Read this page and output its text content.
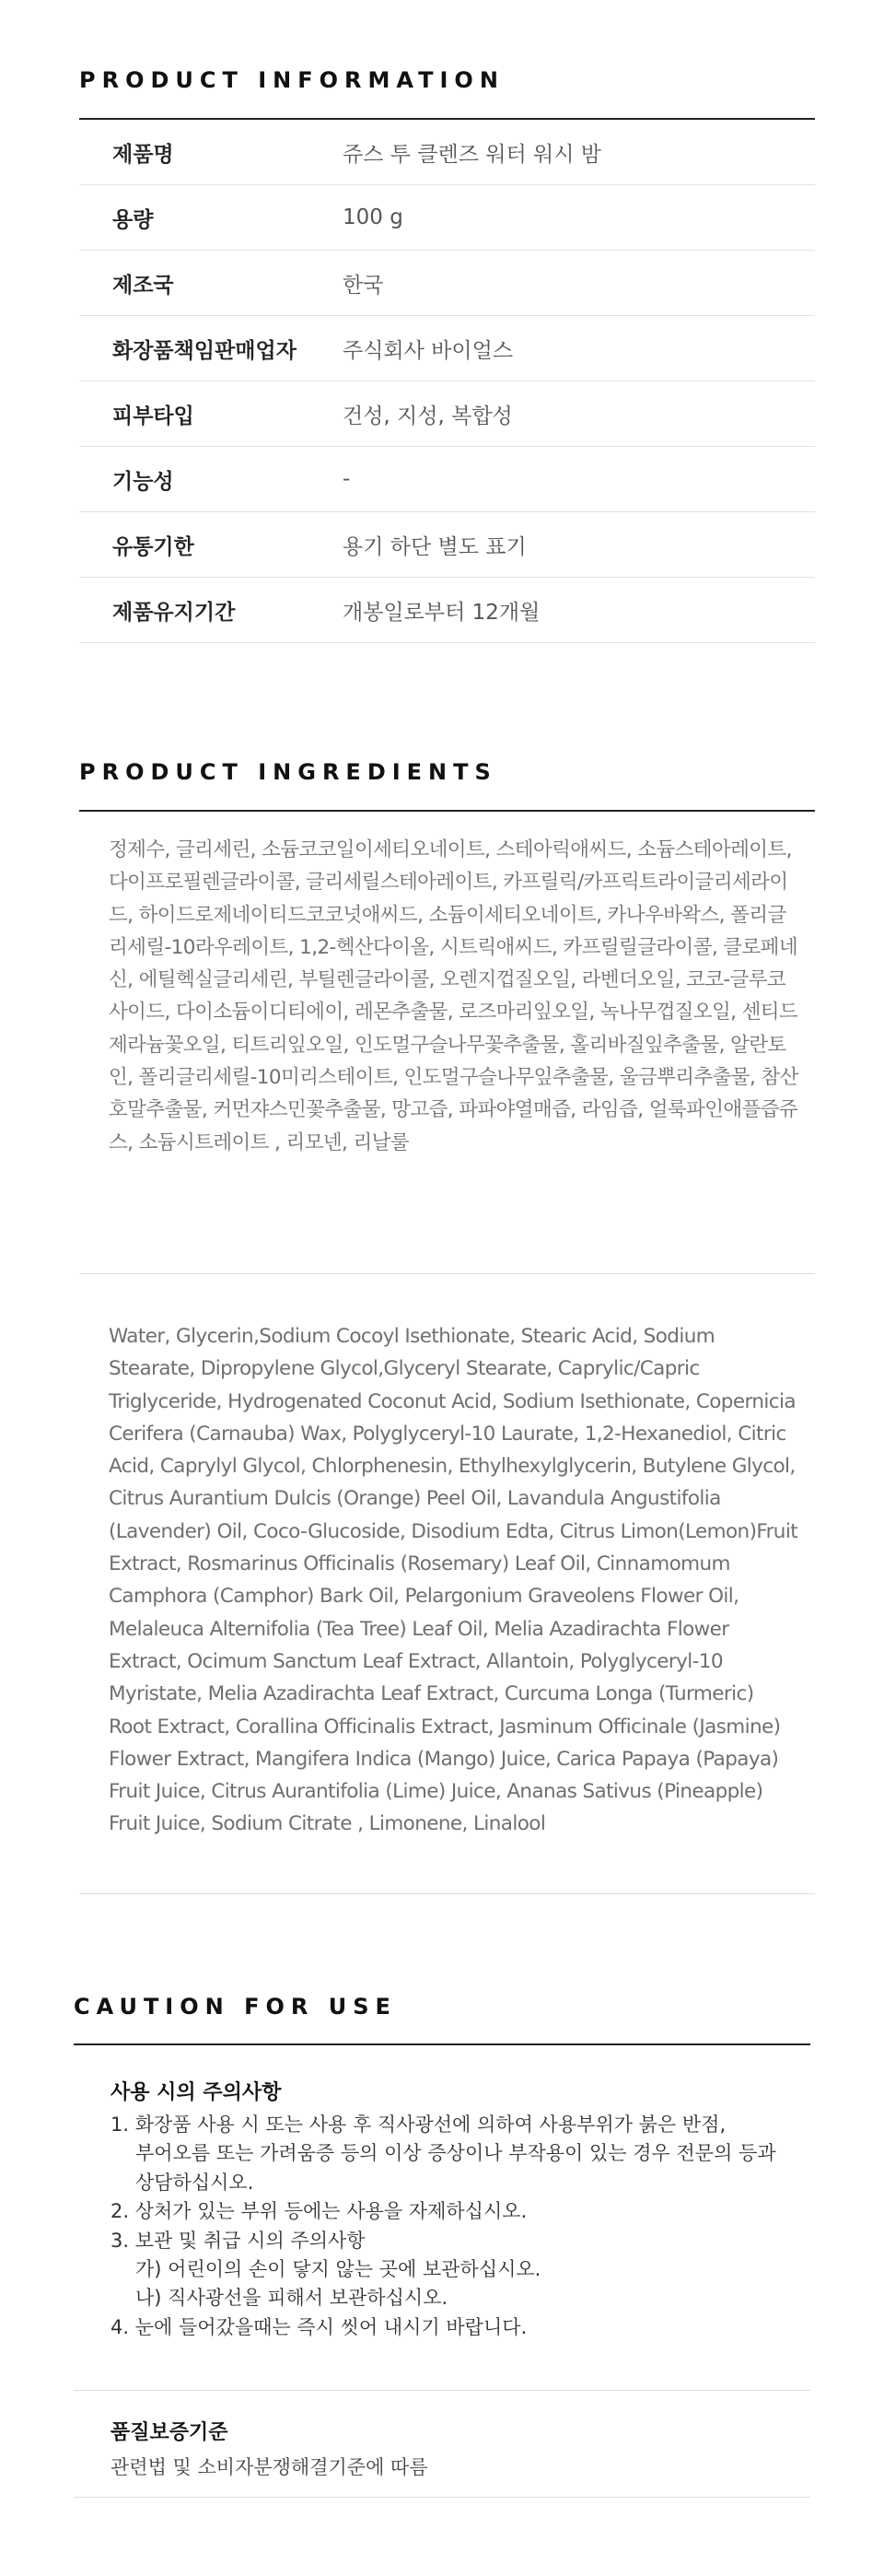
PRODUCT INFORMATION
제품명	쥬스 투 클렌즈 워터 워시 밤
용량	100 g
제조국	한국
화장품책임판매업자	주식회사 바이얼스
피부타입	건성, 지성, 복합성
기능성	-
유통기한	용기 하단 별도 표기
제품유지기간	개봉일로부터 12개월
PRODUCT INGREDIENTS

정제수, 글리세린, 소듐코코일이세티오네이트, 스테아릭애씨드, 소듐스테아레이트, 다이프로필렌글라이콜, 글리세릴스테아레이트, 카프릴릭/카프릭트라이글리세라이드, 하이드로제네이티드코코넛애씨드, 소듐이세티오네이트, 카나우바왁스, 폴리글리세릴-10라우레이트, 1,2-헥산다이올, 시트릭애씨드, 카프릴릴글라이콜, 클로페네신, 에틸헥실글리세린, 부틸렌글라이콜, 오렌지껍질오일, 라벤더오일, 코코-글루코사이드, 다이소듐이디티에이, 레몬추출물, 로즈마리잎오일, 녹나무껍질오일, 센티드제라늄꽃오일, 티트리잎오일, 인도멀구슬나무꽃추출물, 홀리바질잎추출물, 알란토인, 폴리글리세릴-10미리스테이트, 인도멀구슬나무잎추출물, 울금뿌리추출물, 참산호말추출물, 커먼쟈스민꽃추출물, 망고즙, 파파야열매즙, 라임즙, 얼룩파인애플즙쥬스, 소듐시트레이트 , 리모넨, 리날룰

Water, Glycerin,Sodium Cocoyl Isethionate, Stearic Acid, Sodium Stearate, Dipropylene Glycol,Glyceryl Stearate, Caprylic/Capric Triglyceride, Hydrogenated Coconut Acid, Sodium Isethionate, Copernicia Cerifera (Carnauba) Wax, Polyglyceryl-10 Laurate, 1,2-Hexanediol, Citric Acid, Caprylyl Glycol, Chlorphenesin, Ethylhexylglycerin, Butylene Glycol, Citrus Aurantium Dulcis (Orange) Peel Oil, Lavandula Angustifolia (Lavender) Oil, Coco-Glucoside, Disodium Edta, Citrus Limon(Lemon)Fruit Extract, Rosmarinus Officinalis (Rosemary) Leaf Oil, Cinnamomum Camphora (Camphor) Bark Oil, Pelargonium Graveolens Flower Oil, Melaleuca Alternifolia (Tea Tree) Leaf Oil, Melia Azadirachta Flower Extract, Ocimum Sanctum Leaf Extract, Allantoin, Polyglyceryl-10 Myristate, Melia Azadirachta Leaf Extract, Curcuma Longa (Turmeric) Root Extract, Corallina Officinalis Extract, Jasminum Officinale (Jasmine) Flower Extract, Mangifera Indica (Mango) Juice, Carica Papaya (Papaya) Fruit Juice, Citrus Aurantifolia (Lime) Juice, Ananas Sativus (Pineapple) Fruit Juice, Sodium Citrate , Limonene, Linalool

CAUTION FOR USE
사용 시의 주의사항
1. 화장품 사용 시 또는 사용 후 직사광선에 의하여 사용부위가 붉은 반점,
부어오름 또는 가려움증 등의 이상 증상이나 부작용이 있는 경우 전문의 등과
상담하십시오.
2. 상처가 있는 부위 등에는 사용을 자제하십시오.
3. 보관 및 취급 시의 주의사항
가) 어린이의 손이 닿지 않는 곳에 보관하십시오.
나) 직사광선을 피해서 보관하십시오.
4. 눈에 들어갔을때는 즉시 씻어 내시기 바랍니다.
품질보증기준

관련법 및 소비자분쟁해결기준에 따름
